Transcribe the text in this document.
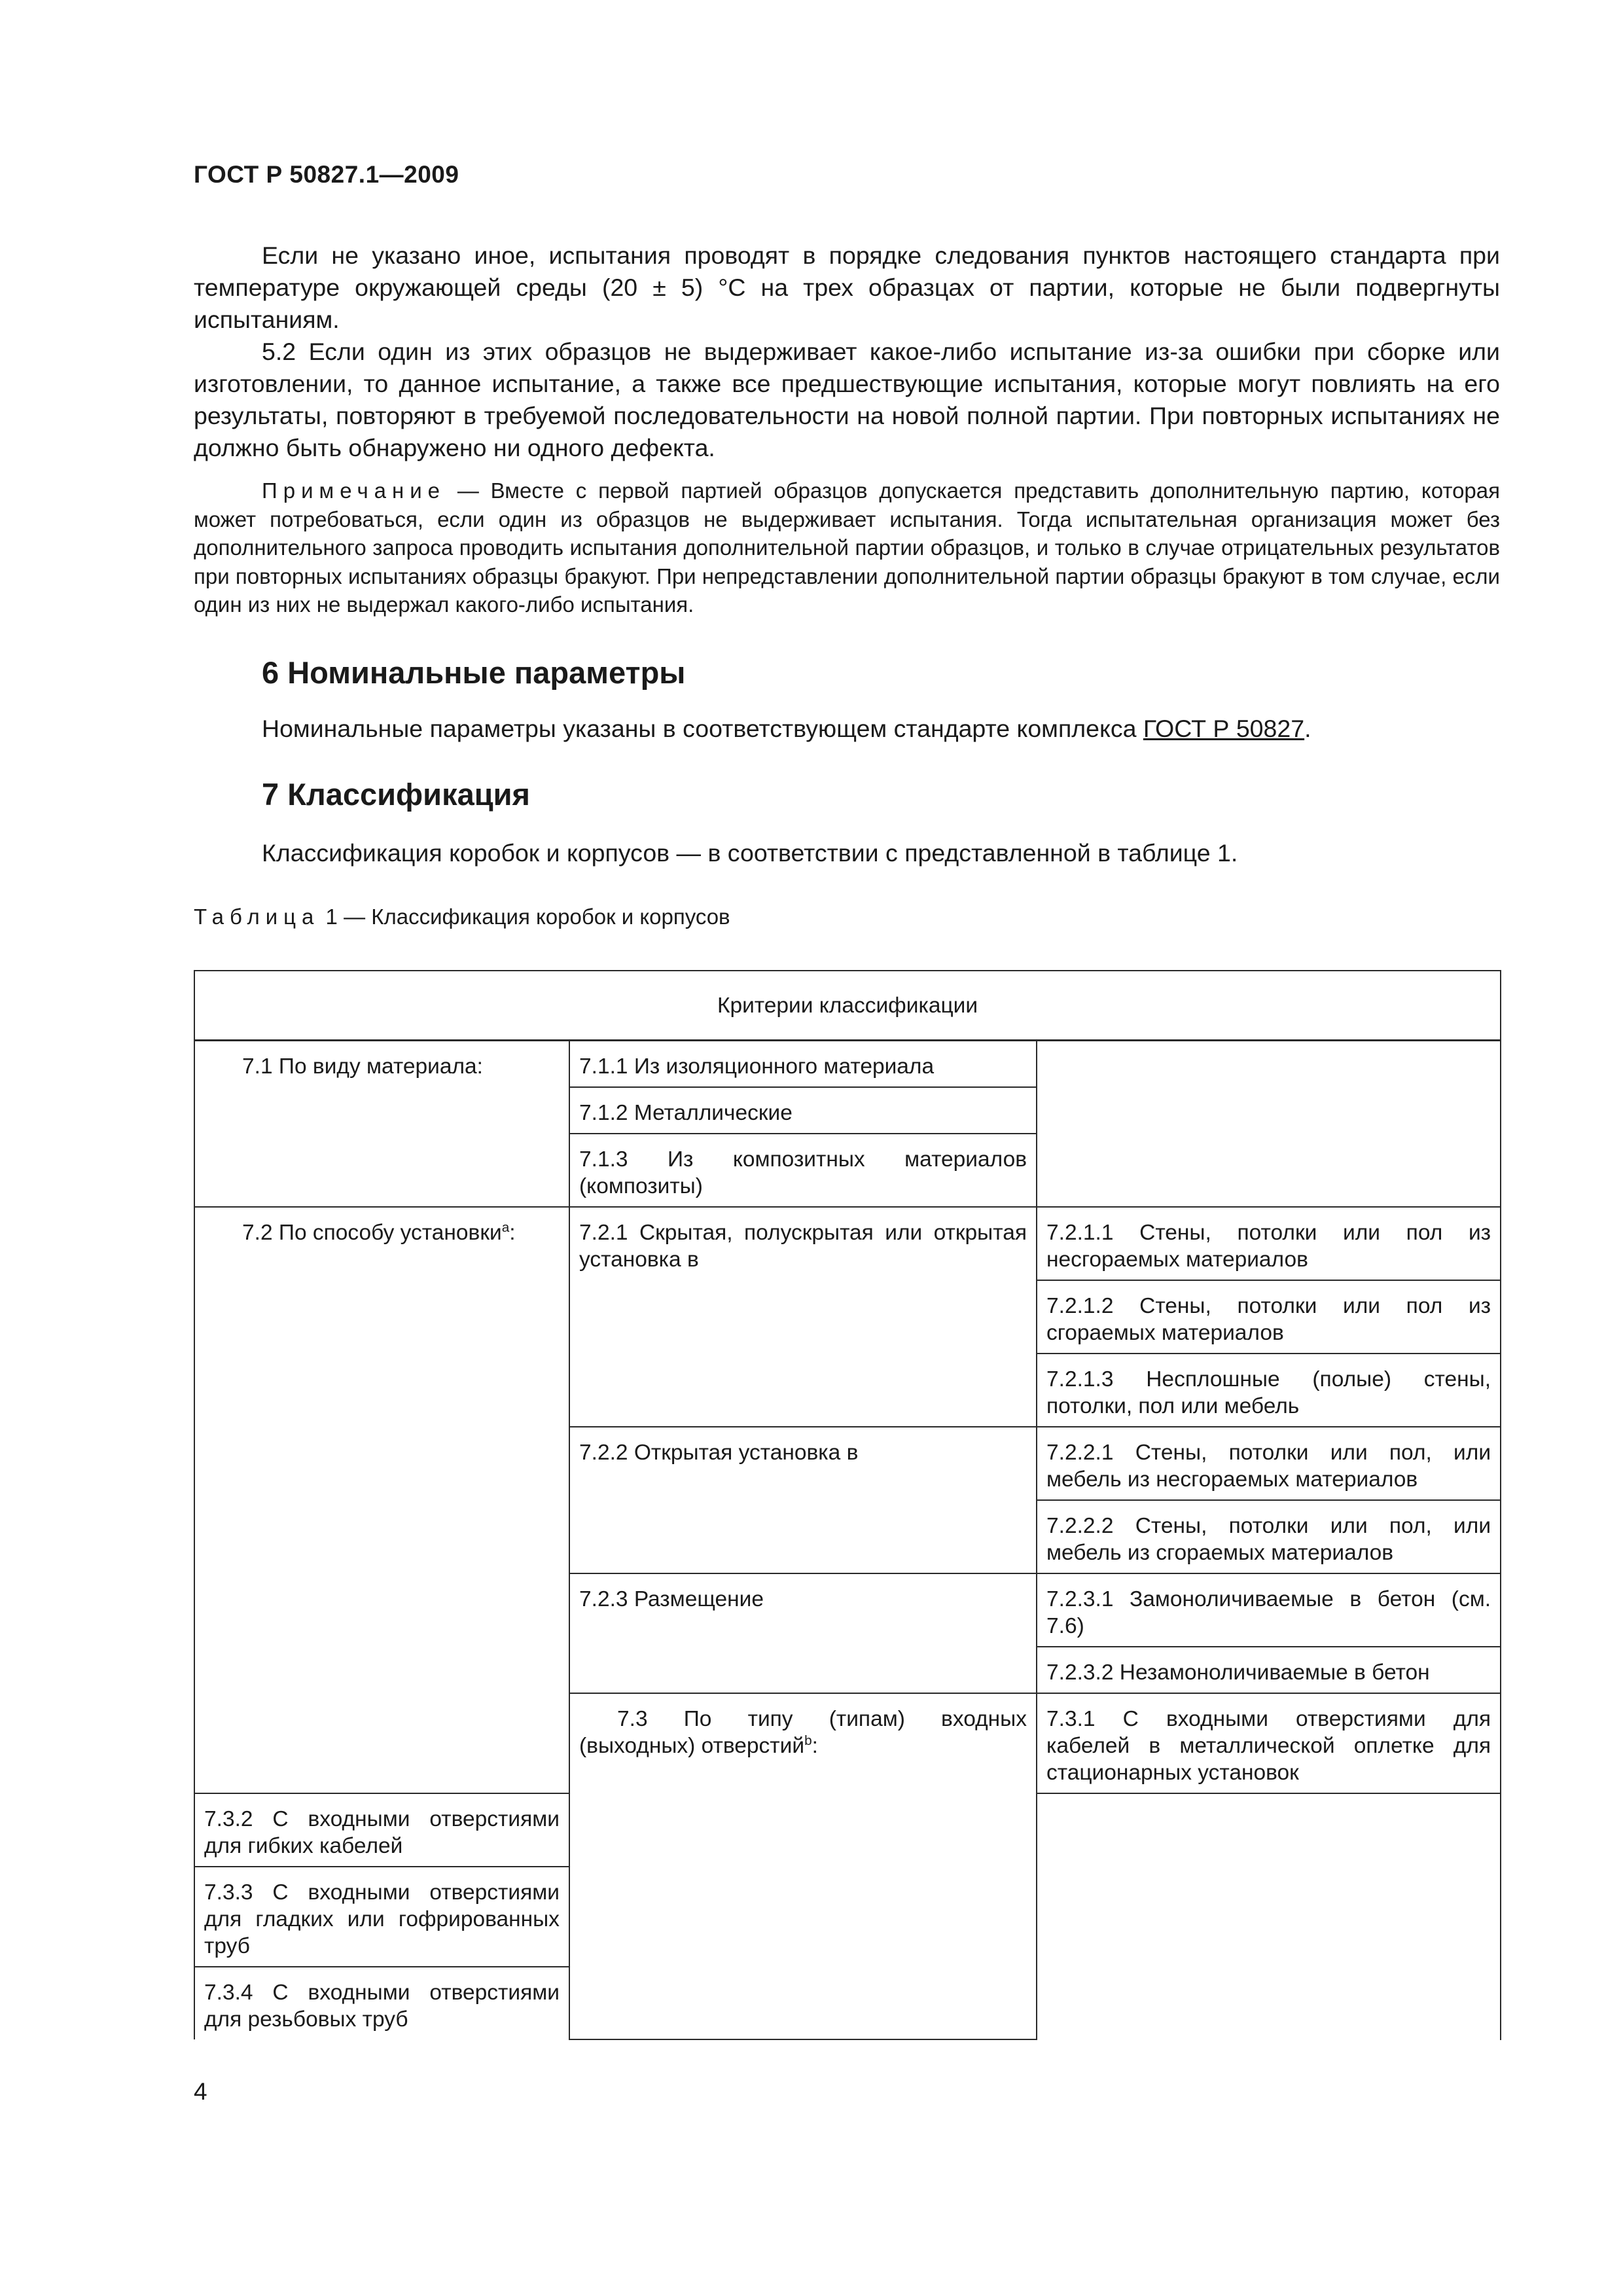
ГОСТ Р 50827.1—2009

Если не указано иное, испытания проводят в порядке следования пунктов настоящего стандарта при температуре окружающей среды (20 ± 5) °С на трех образцах от партии, которые не были подвергнуты испытаниям.

5.2 Если один из этих образцов не выдерживает какое-либо испытание из-за ошибки при сборке или изготовлении, то данное испытание, а также все предшествующие испытания, которые могут повлиять на его результаты, повторяют в требуемой последовательности на новой полной партии. При повторных испытаниях не должно быть обнаружено ни одного дефекта.

Примечание — Вместе с первой партией образцов допускается представить дополнительную партию, которая может потребоваться, если один из образцов не выдерживает испытания. Тогда испытательная организация может без дополнительного запроса проводить испытания дополнительной партии образцов, и только в случае отрицательных результатов при повторных испытаниях образцы бракуют. При непредставлении дополнительной партии образцы бракуют в том случае, если один из них не выдержал какого-либо испытания.
6 Номинальные параметры
Номинальные параметры указаны в соответствующем стандарте комплекса ГОСТ Р 50827.
7 Классификация
Классификация коробок и корпусов — в соответствии с представленной в таблице 1.
Таблица 1 — Классификация коробок и корпусов
Критерии классификации			
7.1 По виду материала:	7.1.1 Из изоляционного материала		
	7.1.2 Металлические		
	7.1.3 Из композитных материалов (композиты)		
7.2 По способу установки$^a$:	7.2.1 Скрытая, полускрытая или открытая установка в	7.2.1.1 Стены, потолки или пол из несгораемых материалов	
		7.2.1.2 Стены, потолки или пол из сгораемых материалов	
		7.2.1.3 Несплошные (полые) стены, потолки, пол или мебель	
	7.2.2 Открытая установка в	7.2.2.1 Стены, потолки или пол, или мебель из несгораемых материалов	
		7.2.2.2 Стены, потолки или пол, или мебель из сгораемых материалов	
	7.2.3 Размещение	7.2.3.1 Замоноличиваемые в бетон (см. 7.6)	
		7.2.3.2 Незамоноличиваемые в бетон	
	7.3 По типу (типам) входных (выходных) отверстий$^b$:	7.3.1 С входными отверстиями для кабелей в металлической оплетке для стационарных установок	
7.3.2 С входными отверстиями для гибких кабелей			
7.3.3 С входными отверстиями для гладких или гофрированных труб			
7.3.4 С входными отверстиями для резьбовых труб			
4
